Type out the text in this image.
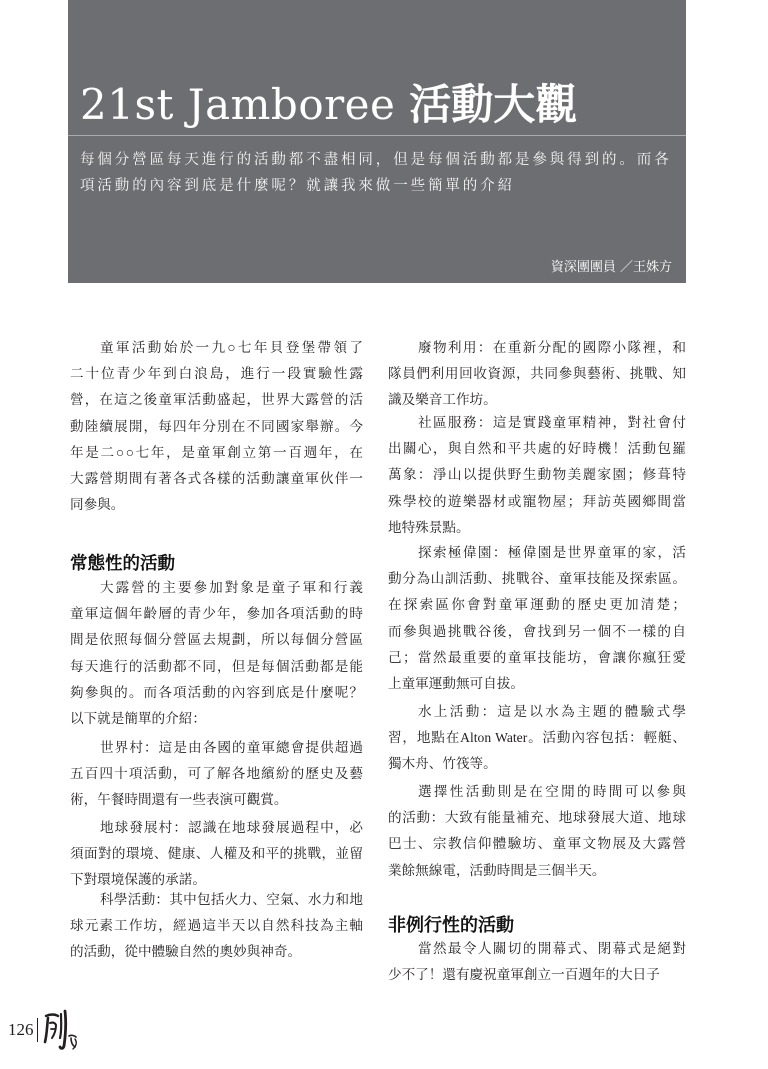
21st Jamboree 活動大觀
每個分營區每天進行的活動都不盡相同，但是每個活動都是參與得到的。而各
項活動的內容到底是什麼呢？就讓我來做一些簡單的介紹
資深團團員 ／王姝方
童軍活動始於一九○七年貝登堡帶領了
二十位青少年到白浪島，進行一段實驗性露
營，在這之後童軍活動盛起，世界大露營的活
動陸續展開，每四年分別在不同國家舉辦。今
年是二○○七年，是童軍創立第一百週年，在
大露營期間有著各式各樣的活動讓童軍伙伴一
同參與。
常態性的活動
大露營的主要參加對象是童子軍和行義
童軍這個年齡層的青少年，參加各項活動的時
間是依照每個分營區去規劃，所以每個分營區
每天進行的活動都不同，但是每個活動都是能
夠參與的。而各項活動的內容到底是什麼呢？
以下就是簡單的介紹：
世界村：這是由各國的童軍總會提供超過
五百四十項活動，可了解各地繽紛的歷史及藝
術，午餐時間還有一些表演可觀賞。
地球發展村：認識在地球發展過程中，必
須面對的環境、健康、人權及和平的挑戰，並留
下對環境保護的承諾。
科學活動：其中包括火力、空氣、水力和地
球元素工作坊，經過這半天以自然科技為主軸
的活動，從中體驗自然的奧妙與神奇。
廢物利用：在重新分配的國際小隊裡，和
隊員們利用回收資源，共同參與藝術、挑戰、知
識及樂音工作坊。
社區服務：這是實踐童軍精神，對社會付
出關心，與自然和平共處的好時機！活動包羅
萬象：淨山以提供野生動物美麗家園；修葺特
殊學校的遊樂器材或寵物屋；拜訪英國鄉間當
地特殊景點。
探索極偉園：極偉園是世界童軍的家，活
動分為山訓活動、挑戰谷、童軍技能及探索區。
在探索區你會對童軍運動的歷史更加清楚；
而參與過挑戰谷後，會找到另一個不一樣的自
己；當然最重要的童軍技能坊，會讓你瘋狂愛
上童軍運動無可自拔。
水上活動：這是以水為主題的體驗式學
習，地點在Alton Water。活動內容包括：輕艇、
獨木舟、竹筏等。
選擇性活動則是在空閒的時間可以參與
的活動：大致有能量補充、地球發展大道、地球
巴士、宗教信仰體驗坊、童軍文物展及大露營
業餘無線電，活動時間是三個半天。
非例行性的活動
當然最令人關切的開幕式、閉幕式是絕對
少不了！還有慶祝童軍創立一百週年的大日子
126
